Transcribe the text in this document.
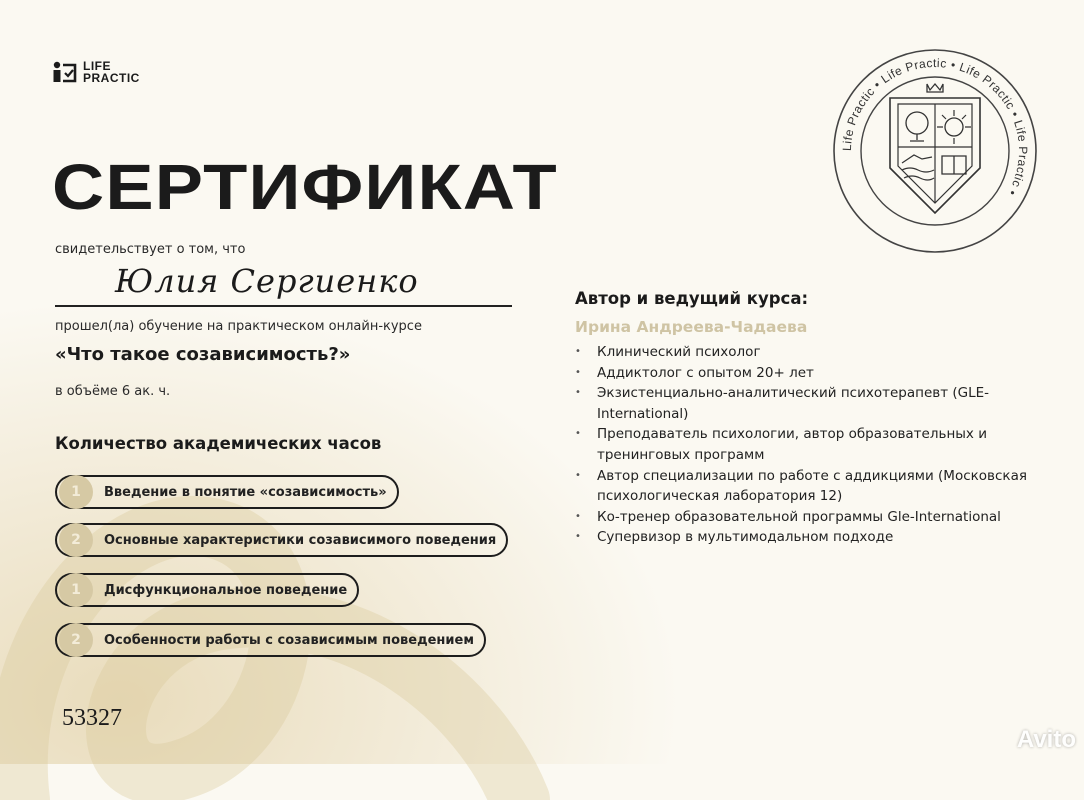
LIFE
PRACTIC
СЕРТИФИКАТ
свидетельствует о том, что
Юлия Сергиенко
прошел(ла) обучение на практическом онлайн-курсе
«Что такое созависимость?»
в объёме 6 ак. ч.
Количество академических часов
1	Введение в понятие «созависимость»
2	Основные характеристики созависимого поведения
1	Дисфункциональное поведение
2	Особенности работы с созависимым поведением
53327
Автор и ведущий курса:
Ирина Андреева-Чадаева
• Клинический психолог
• Аддиктолог с опытом 20+ лет
• Экзистенциально-аналитический психотерапевт (GLE-International)
• Преподаватель психологии, автор образовательных и тренинговых программ
• Автор специализации по работе с аддикциями (Московская психологическая лаборатория 12)
• Ко-тренер образовательной программы Gle-International
• Супервизор в мультимодальном подходе
Life Practic • Life Practic • Life Practic • Life Practic •
Avito
